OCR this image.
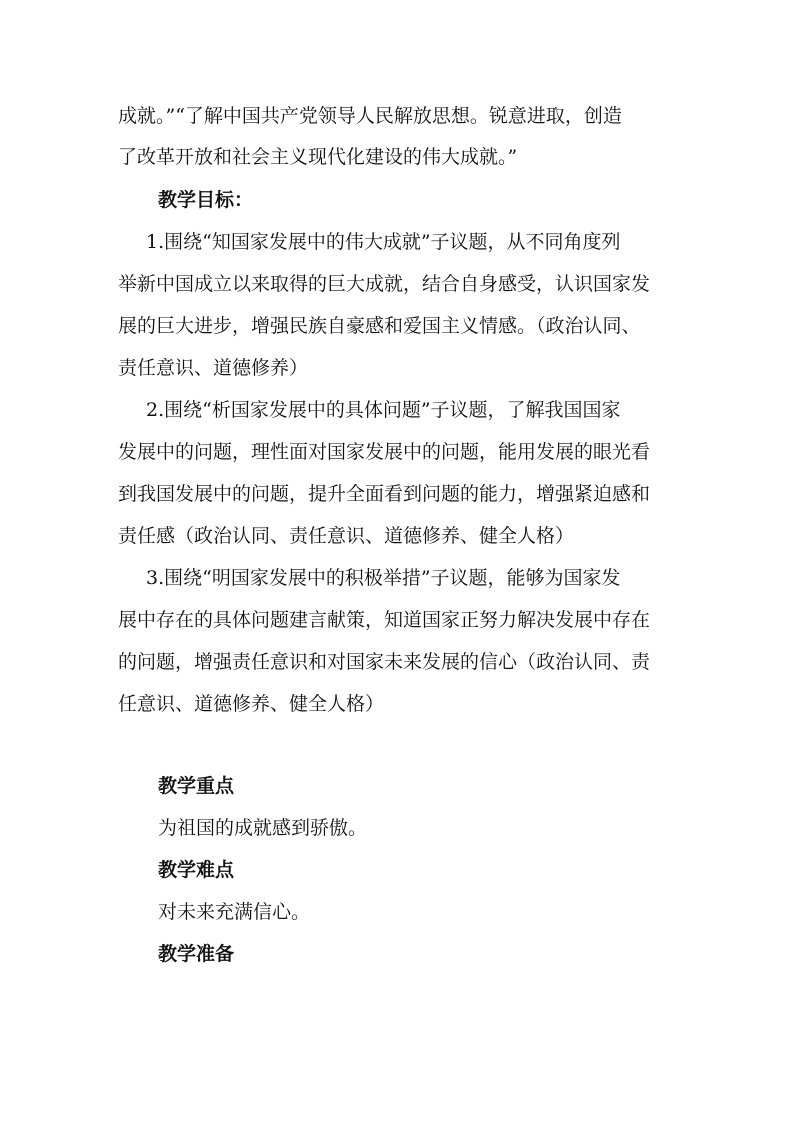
成就。”“了解中国共产党领导人民解放思想。锐意进取，创造
了改革开放和社会主义现代化建设的伟大成就。”
教学目标：
1.围绕“知国家发展中的伟大成就”子议题，从不同角度列
举新中国成立以来取得的巨大成就，结合自身感受，认识国家发
展的巨大进步，增强民族自豪感和爱国主义情感。（政治认同、
责任意识、道德修养）
2.围绕“析国家发展中的具体问题”子议题，了解我国国家
发展中的问题，理性面对国家发展中的问题，能用发展的眼光看
到我国发展中的问题，提升全面看到问题的能力，增强紧迫感和
责任感（政治认同、责任意识、道德修养、健全人格）
3.围绕“明国家发展中的积极举措”子议题，能够为国家发
展中存在的具体问题建言献策，知道国家正努力解决发展中存在
的问题，增强责任意识和对国家未来发展的信心（政治认同、责
任意识、道德修养、健全人格）
教学重点
为祖国的成就感到骄傲。
教学难点
对未来充满信心。
教学准备
